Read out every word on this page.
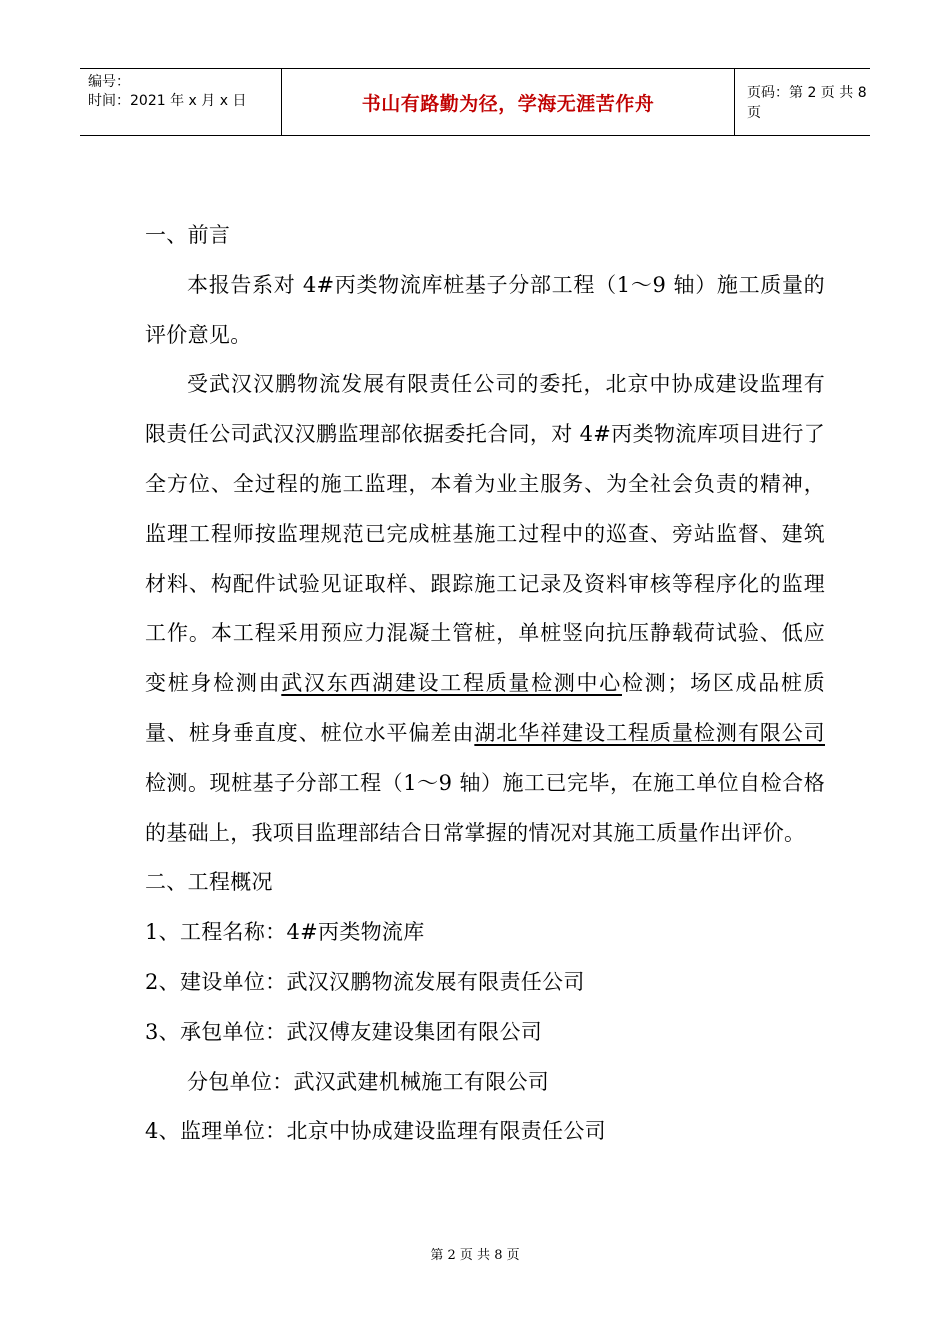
编号：
时间：2021 年 x 月 x 日	书山有路勤为径，学海无涯苦作舟	页码：第 2 页 共 8 页

一、前言

本报告系对 4#丙类物流库桩基子分部工程（1～9 轴）施工质量的评价意见。

受武汉汉鹏物流发展有限责任公司的委托，北京中协成建设监理有限责任公司武汉汉鹏监理部依据委托合同，对 4#丙类物流库项目进行了全方位、全过程的施工监理，本着为业主服务、为全社会负责的精神，监理工程师按监理规范已完成桩基施工过程中的巡查、旁站监督、建筑材料、构配件试验见证取样、跟踪施工记录及资料审核等程序化的监理工作。本工程采用预应力混凝土管桩，单桩竖向抗压静载荷试验、低应变桩身检测由武汉东西湖建设工程质量检测中心检测；场区成品桩质量、桩身垂直度、桩位水平偏差由湖北华祥建设工程质量检测有限公司检测。现桩基子分部工程（1～9 轴）施工已完毕，在施工单位自检合格的基础上，我项目监理部结合日常掌握的情况对其施工质量作出评价。

二、工程概况

1、工程名称：4#丙类物流库

2、建设单位：武汉汉鹏物流发展有限责任公司

3、承包单位：武汉傅友建设集团有限公司

分包单位：武汉武建机械施工有限公司

4、监理单位：北京中协成建设监理有限责任公司

第 2 页 共 8 页
